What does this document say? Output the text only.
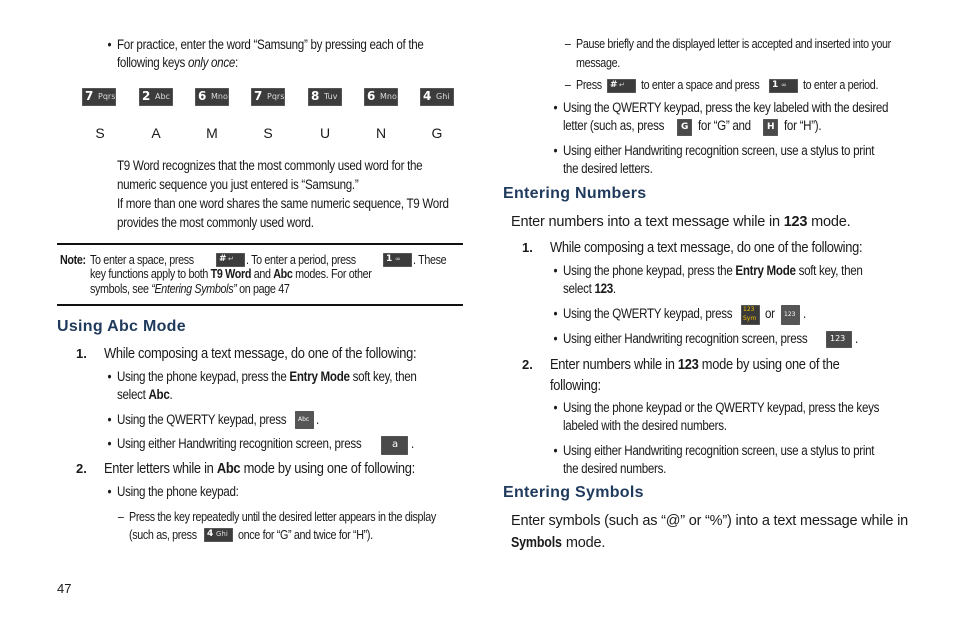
• For practice, enter the word “Samsung” by pressing each of the
following keys only once:
7 Pqrs 2 Abc 6 Mno 7 Pqrs 8 Tuv 6 Mno 4 Ghi
S	A	M	S	U	N	G
T9 Word recognizes that the most commonly used word for the
numeric sequence you just entered is “Samsung.”
If more than one word shares the same numeric sequence, T9 Word
provides the most commonly used word.
Note: To enter a space, press	# ↵ . To enter a period, press	1 ∞ . These
key functions apply to both T9 Word and Abc modes. For other
symbols, see “Entering Symbols” on page 47
Using Abc Mode
1. While composing a text message, do one of the following:
• Using the phone keypad, press the Entry Mode soft key, then
select Abc.
• Using the QWERTY keypad, press Abc .
• Using either Handwriting recognition screen, press	a .
2. Enter letters while in Abc mode by using one of following:
• Using the phone keypad:
– Press the key repeatedly until the desired letter appears in the display
(such as, press 4 Ghi once for “G” and twice for “H”).
47
– Pause briefly and the displayed letter is accepted and inserted into your
message.
– Press # ↵ to enter a space and press 1 ∞ to enter a period.
• Using the QWERTY keypad, press the key labeled with the desired
letter (such as, press G for “G” and H for “H”).
• Using either Handwriting recognition screen, use a stylus to print
the desired letters.
Entering Numbers
Enter numbers into a text message while in 123 mode.
1. While composing a text message, do one of the following:
• Using the phone keypad, press the Entry Mode soft key, then
select 123.
• Using the QWERTY keypad, press 123
Sym or 123 .
• Using either Handwriting recognition screen, press	123 .
2. Enter numbers while in 123 mode by using one of the
following:
• Using the phone keypad or the QWERTY keypad, press the keys
labeled with the desired numbers.
• Using either Handwriting recognition screen, use a stylus to print
the desired numbers.
Entering Symbols
Enter symbols (such as “@” or “%”) into a text message while in
Symbols mode.
